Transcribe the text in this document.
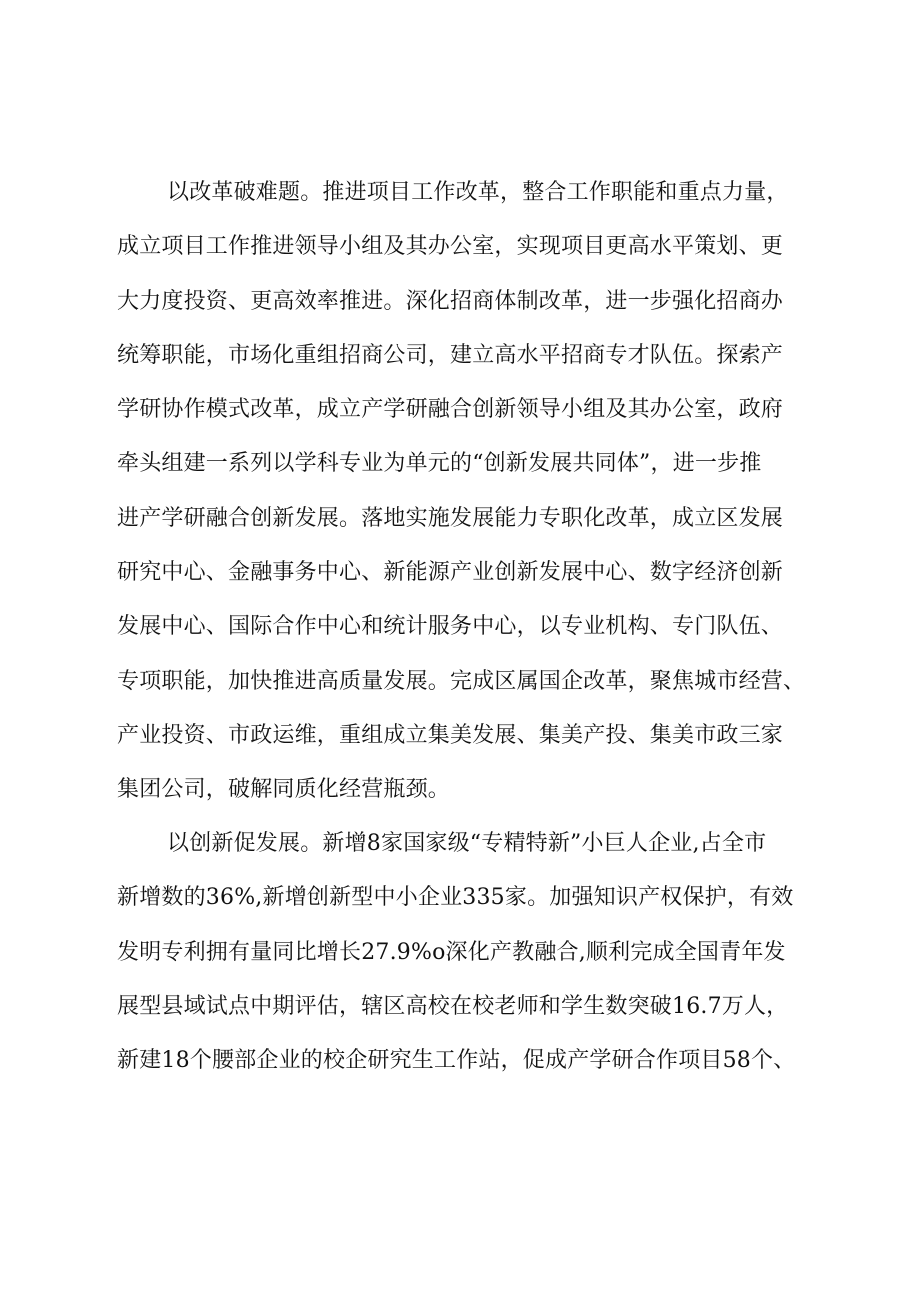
以改革破难题。推进项目工作改革，整合工作职能和重点力量，
成立项目工作推进领导小组及其办公室，实现项目更高水平策划、更
大力度投资、更高效率推进。深化招商体制改革，进一步强化招商办
统筹职能，市场化重组招商公司，建立高水平招商专才队伍。探索产
学研协作模式改革，成立产学研融合创新领导小组及其办公室，政府
牵头组建一系列以学科专业为单元的“创新发展共同体”，进一步推
进产学研融合创新发展。落地实施发展能力专职化改革，成立区发展
研究中心、金融事务中心、新能源产业创新发展中心、数字经济创新
发展中心、国际合作中心和统计服务中心，以专业机构、专门队伍、
专项职能，加快推进高质量发展。完成区属国企改革，聚焦城市经营、
产业投资、市政运维，重组成立集美发展、集美产投、集美市政三家
集团公司，破解同质化经营瓶颈。

以创新促发展。新增8家国家级“专精特新”小巨人企业,占全市
新增数的36%,新增创新型中小企业335家。加强知识产权保护，有效
发明专利拥有量同比增长27.9%o深化产教融合,顺利完成全国青年发
展型县域试点中期评估，辖区高校在校老师和学生数突破16.7万人，
新建18个腰部企业的校企研究生工作站，促成产学研合作项目58个、
